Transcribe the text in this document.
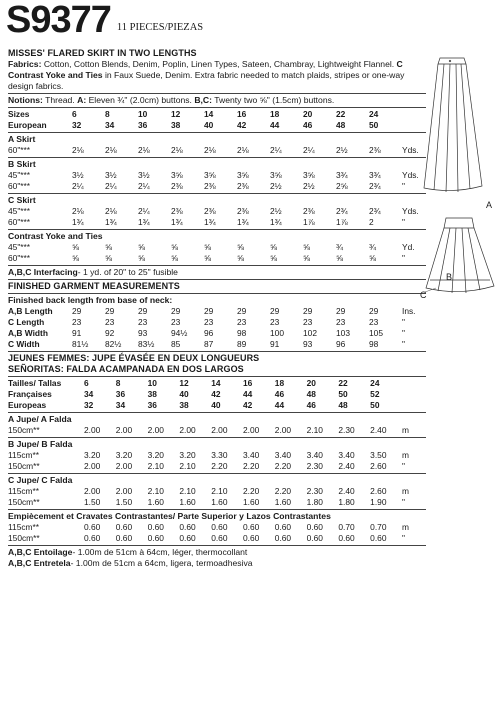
S9377 11 PIECES/PIEZAS
MISSES' FLARED SKIRT IN TWO LENGTHS
Fabrics: Cotton, Cotton Blends, Denim, Poplin, Linen Types, Sateen, Chambray, Lightweight Flannel. C Contrast Yoke and Ties in Faux Suede, Denim. Extra fabric needed to match plaids, stripes or one-way design fabrics.
Notions: Thread. A: Eleven ¾" (2.0cm) buttons. B,C: Twenty two ⅝" (1.5cm) buttons.
Sizes	6	8	10	12	14	16	18	20	22	24	
European	32	34	36	38	40	42	44	46	48	50	
A Skirt
60"***	2⅛	2⅛	2⅛	2⅛	2⅛	2⅛	2¼	2¼	2½	2⅜	Yds.
B Skirt
45"***	3½	3½	3½	3⅝	3⅝	3⅝	3⅝	3⅝	3¾	3¾	Yds.
60"***	2¼	2¼	2¼	2⅜	2⅜	2⅜	2½	2½	2⅝	2¾	"
C Skirt
45"***	2⅛	2⅛	2¼	2⅜	2⅜	2⅜	2½	2⅜	2¾	2¾	Yds.
60"***	1¾	1¾	1¾	1¾	1¾	1¾	1¾	1⅞	1⅞	2	"
Contrast Yoke and Ties
45"***	⅝	⅝	⅝	⅝	⅝	⅝	⅝	⅝	¾	¾	Yd.
60"***	⅝	⅝	⅝	⅝	⅝	⅝	⅝	⅝	⅝	⅝	"
A,B,C Interfacing- 1 yd. of 20" to 25" fusible
FINISHED GARMENT MEASUREMENTS
Finished back length from base of neck:
A,B Length	29	29	29	29	29	29	29	29	29	29	Ins.
C Length	23	23	23	23	23	23	23	23	23	23	"
A,B Width	91	92	93	94½	96	98	100	102	103	105	"
C Width	81½	82½	83½	85	87	89	91	93	96	98	"
JEUNES FEMMES: JUPE ÉVASÉE EN DEUX LONGUEURS
SEÑORITAS: FALDA ACAMPANADA EN DOS LARGOS
Tailles/ Tallas	6	8	10	12	14	16	18	20	22	24	
Françaises	34	36	38	40	42	44	46	48	50	52	
Europeas	32	34	36	38	40	42	44	46	48	50	
A Jupe/ A Falda
150cm**	2.00	2.00	2.00	2.00	2.00	2.00	2.00	2.10	2.30	2.40	m
B Jupe/ B Falda
115cm**	3.20	3.20	3.20	3.20	3.30	3.40	3.40	3.40	3.40	3.50	m
150cm**	2.00	2.00	2.10	2.10	2.20	2.20	2.20	2.30	2.40	2.60	"
C Jupe/ C Falda
115cm**	2.00	2.00	2.10	2.10	2.10	2.20	2.20	2.30	2.40	2.60	m
150cm**	1.50	1.50	1.60	1.60	1.60	1.60	1.60	1.80	1.80	1.90	"
Empiècement et Cravates Contrastantes/ Parte Superior y Lazos Contrastantes
115cm**	0.60	0.60	0.60	0.60	0.60	0.60	0.60	0.60	0.70	0.70	m
150cm**	0.60	0.60	0.60	0.60	0.60	0.60	0.60	0.60	0.60	0.60	"
A,B,C Entoilage- 1.00m de 51cm à 64cm, léger, thermocollant
A,B,C Entretela- 1.00m de 51cm a 64cm, ligera, termoadhesiva
A
C
B
